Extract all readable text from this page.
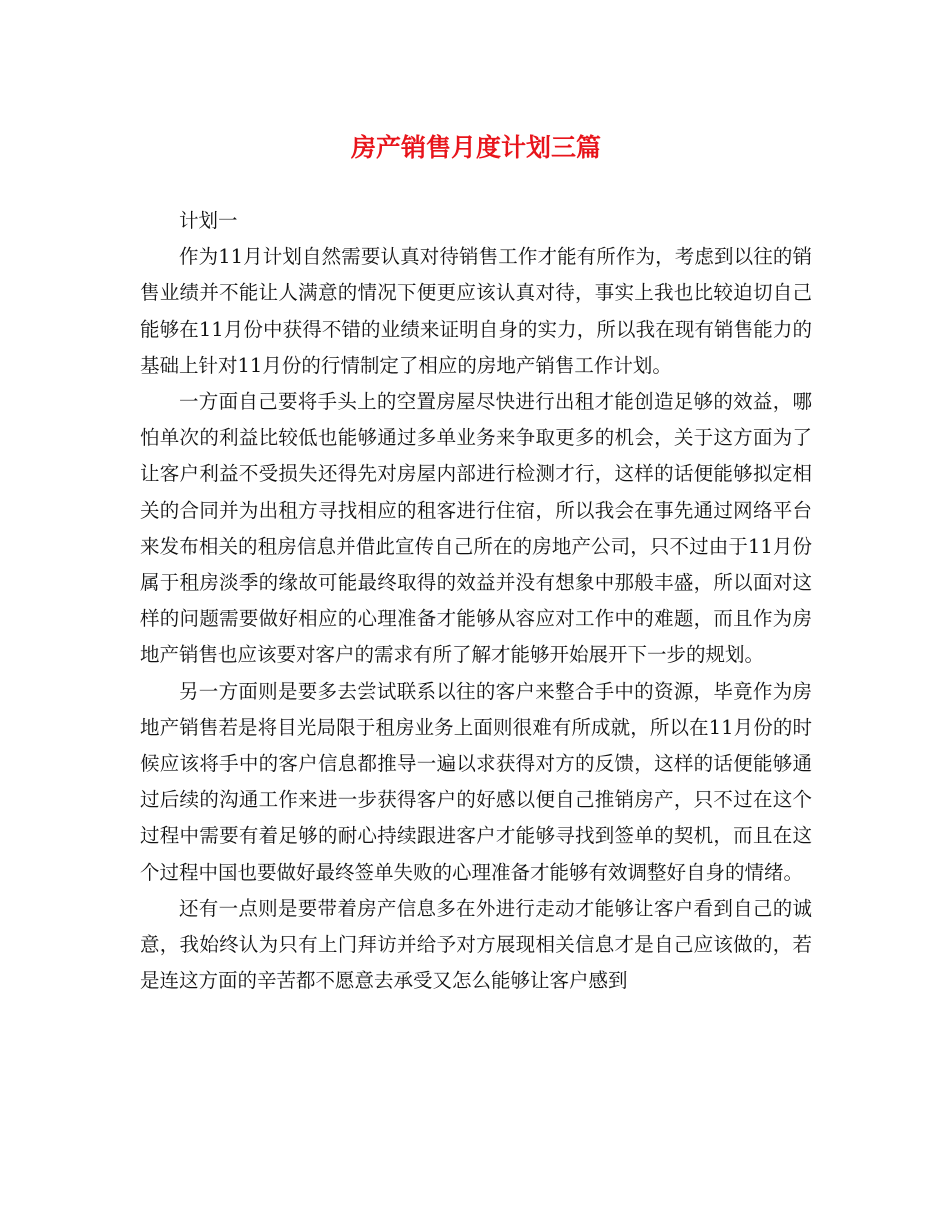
房产销售月度计划三篇

计划一

作为11月计划自然需要认真对待销售工作才能有所作为，考虑到以往的销售业绩并不能让人满意的情况下便更应该认真对待，事实上我也比较迫切自己能够在11月份中获得不错的业绩来证明自身的实力，所以我在现有销售能力的基础上针对11月份的行情制定了相应的房地产销售工作计划。

一方面自己要将手头上的空置房屋尽快进行出租才能创造足够的效益，哪怕单次的利益比较低也能够通过多单业务来争取更多的机会，关于这方面为了让客户利益不受损失还得先对房屋内部进行检测才行，这样的话便能够拟定相关的合同并为出租方寻找相应的租客进行住宿，所以我会在事先通过网络平台来发布相关的租房信息并借此宣传自己所在的房地产公司，只不过由于11月份属于租房淡季的缘故可能最终取得的效益并没有想象中那般丰盛，所以面对这样的问题需要做好相应的心理准备才能够从容应对工作中的难题，而且作为房地产销售也应该要对客户的需求有所了解才能够开始展开下一步的规划。

另一方面则是要多去尝试联系以往的客户来整合手中的资源，毕竟作为房地产销售若是将目光局限于租房业务上面则很难有所成就，所以在11月份的时候应该将手中的客户信息都推导一遍以求获得对方的反馈，这样的话便能够通过后续的沟通工作来进一步获得客户的好感以便自己推销房产，只不过在这个过程中需要有着足够的耐心持续跟进客户才能够寻找到签单的契机，而且在这个过程中国也要做好最终签单失败的心理准备才能够有效调整好自身的情绪。

还有一点则是要带着房产信息多在外进行走动才能够让客户看到自己的诚意，我始终认为只有上门拜访并给予对方展现相关信息才是自己应该做的，若是连这方面的辛苦都不愿意去承受又怎么能够让客户感到
